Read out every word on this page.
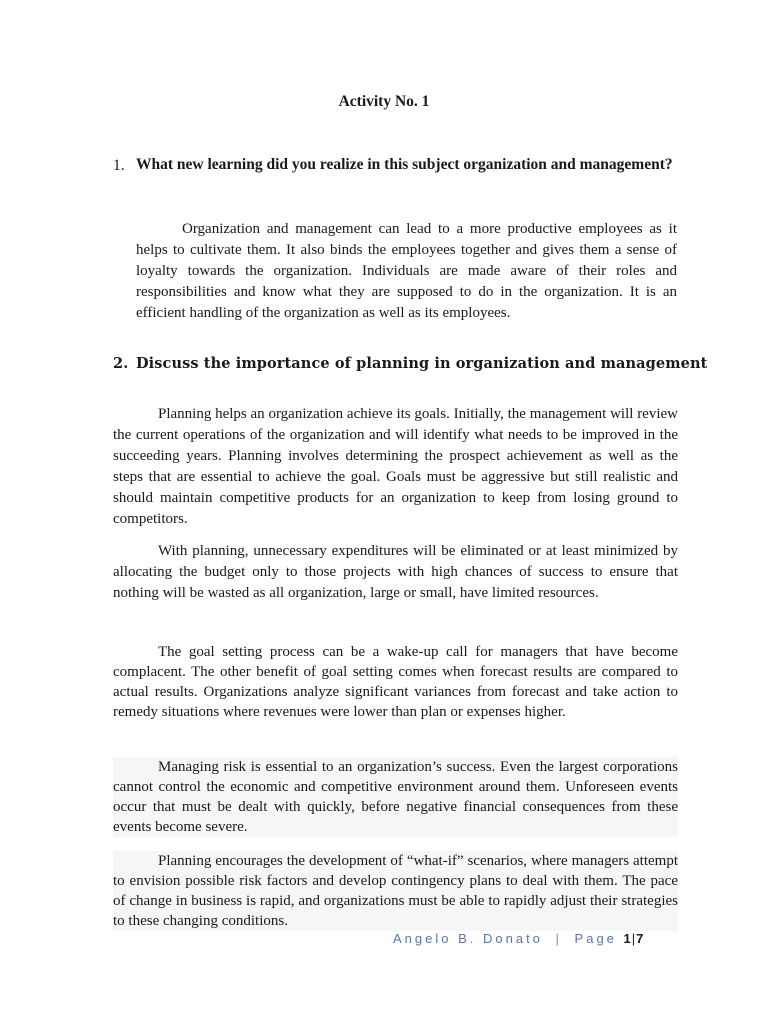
Activity No. 1
1. What new learning did you realize in this subject organization and management?
Organization and management can lead to a more productive employees as it helps to cultivate them. It also binds the employees together and gives them a sense of loyalty towards the organization. Individuals are made aware of their roles and responsibilities and know what they are supposed to do in the organization. It is an efficient handling of the organization as well as its employees.
2. Discuss the importance of planning in organization and management
Planning helps an organization achieve its goals. Initially, the management will review the current operations of the organization and will identify what needs to be improved in the succeeding years. Planning involves determining the prospect achievement as well as the steps that are essential to achieve the goal. Goals must be aggressive but still realistic and should maintain competitive products for an organization to keep from losing ground to competitors.
With planning, unnecessary expenditures will be eliminated or at least minimized by allocating the budget only to those projects with high chances of success to ensure that nothing will be wasted as all organization, large or small, have limited resources.
The goal setting process can be a wake-up call for managers that have become complacent. The other benefit of goal setting comes when forecast results are compared to actual results. Organizations analyze significant variances from forecast and take action to remedy situations where revenues were lower than plan or expenses higher.
Managing risk is essential to an organization’s success. Even the largest corporations cannot control the economic and competitive environment around them. Unforeseen events occur that must be dealt with quickly, before negative financial consequences from these events become severe.
Planning encourages the development of “what-if” scenarios, where managers attempt to envision possible risk factors and develop contingency plans to deal with them. The pace of change in business is rapid, and organizations must be able to rapidly adjust their strategies to these changing conditions.
Angelo B. Donato | Page 1|7
